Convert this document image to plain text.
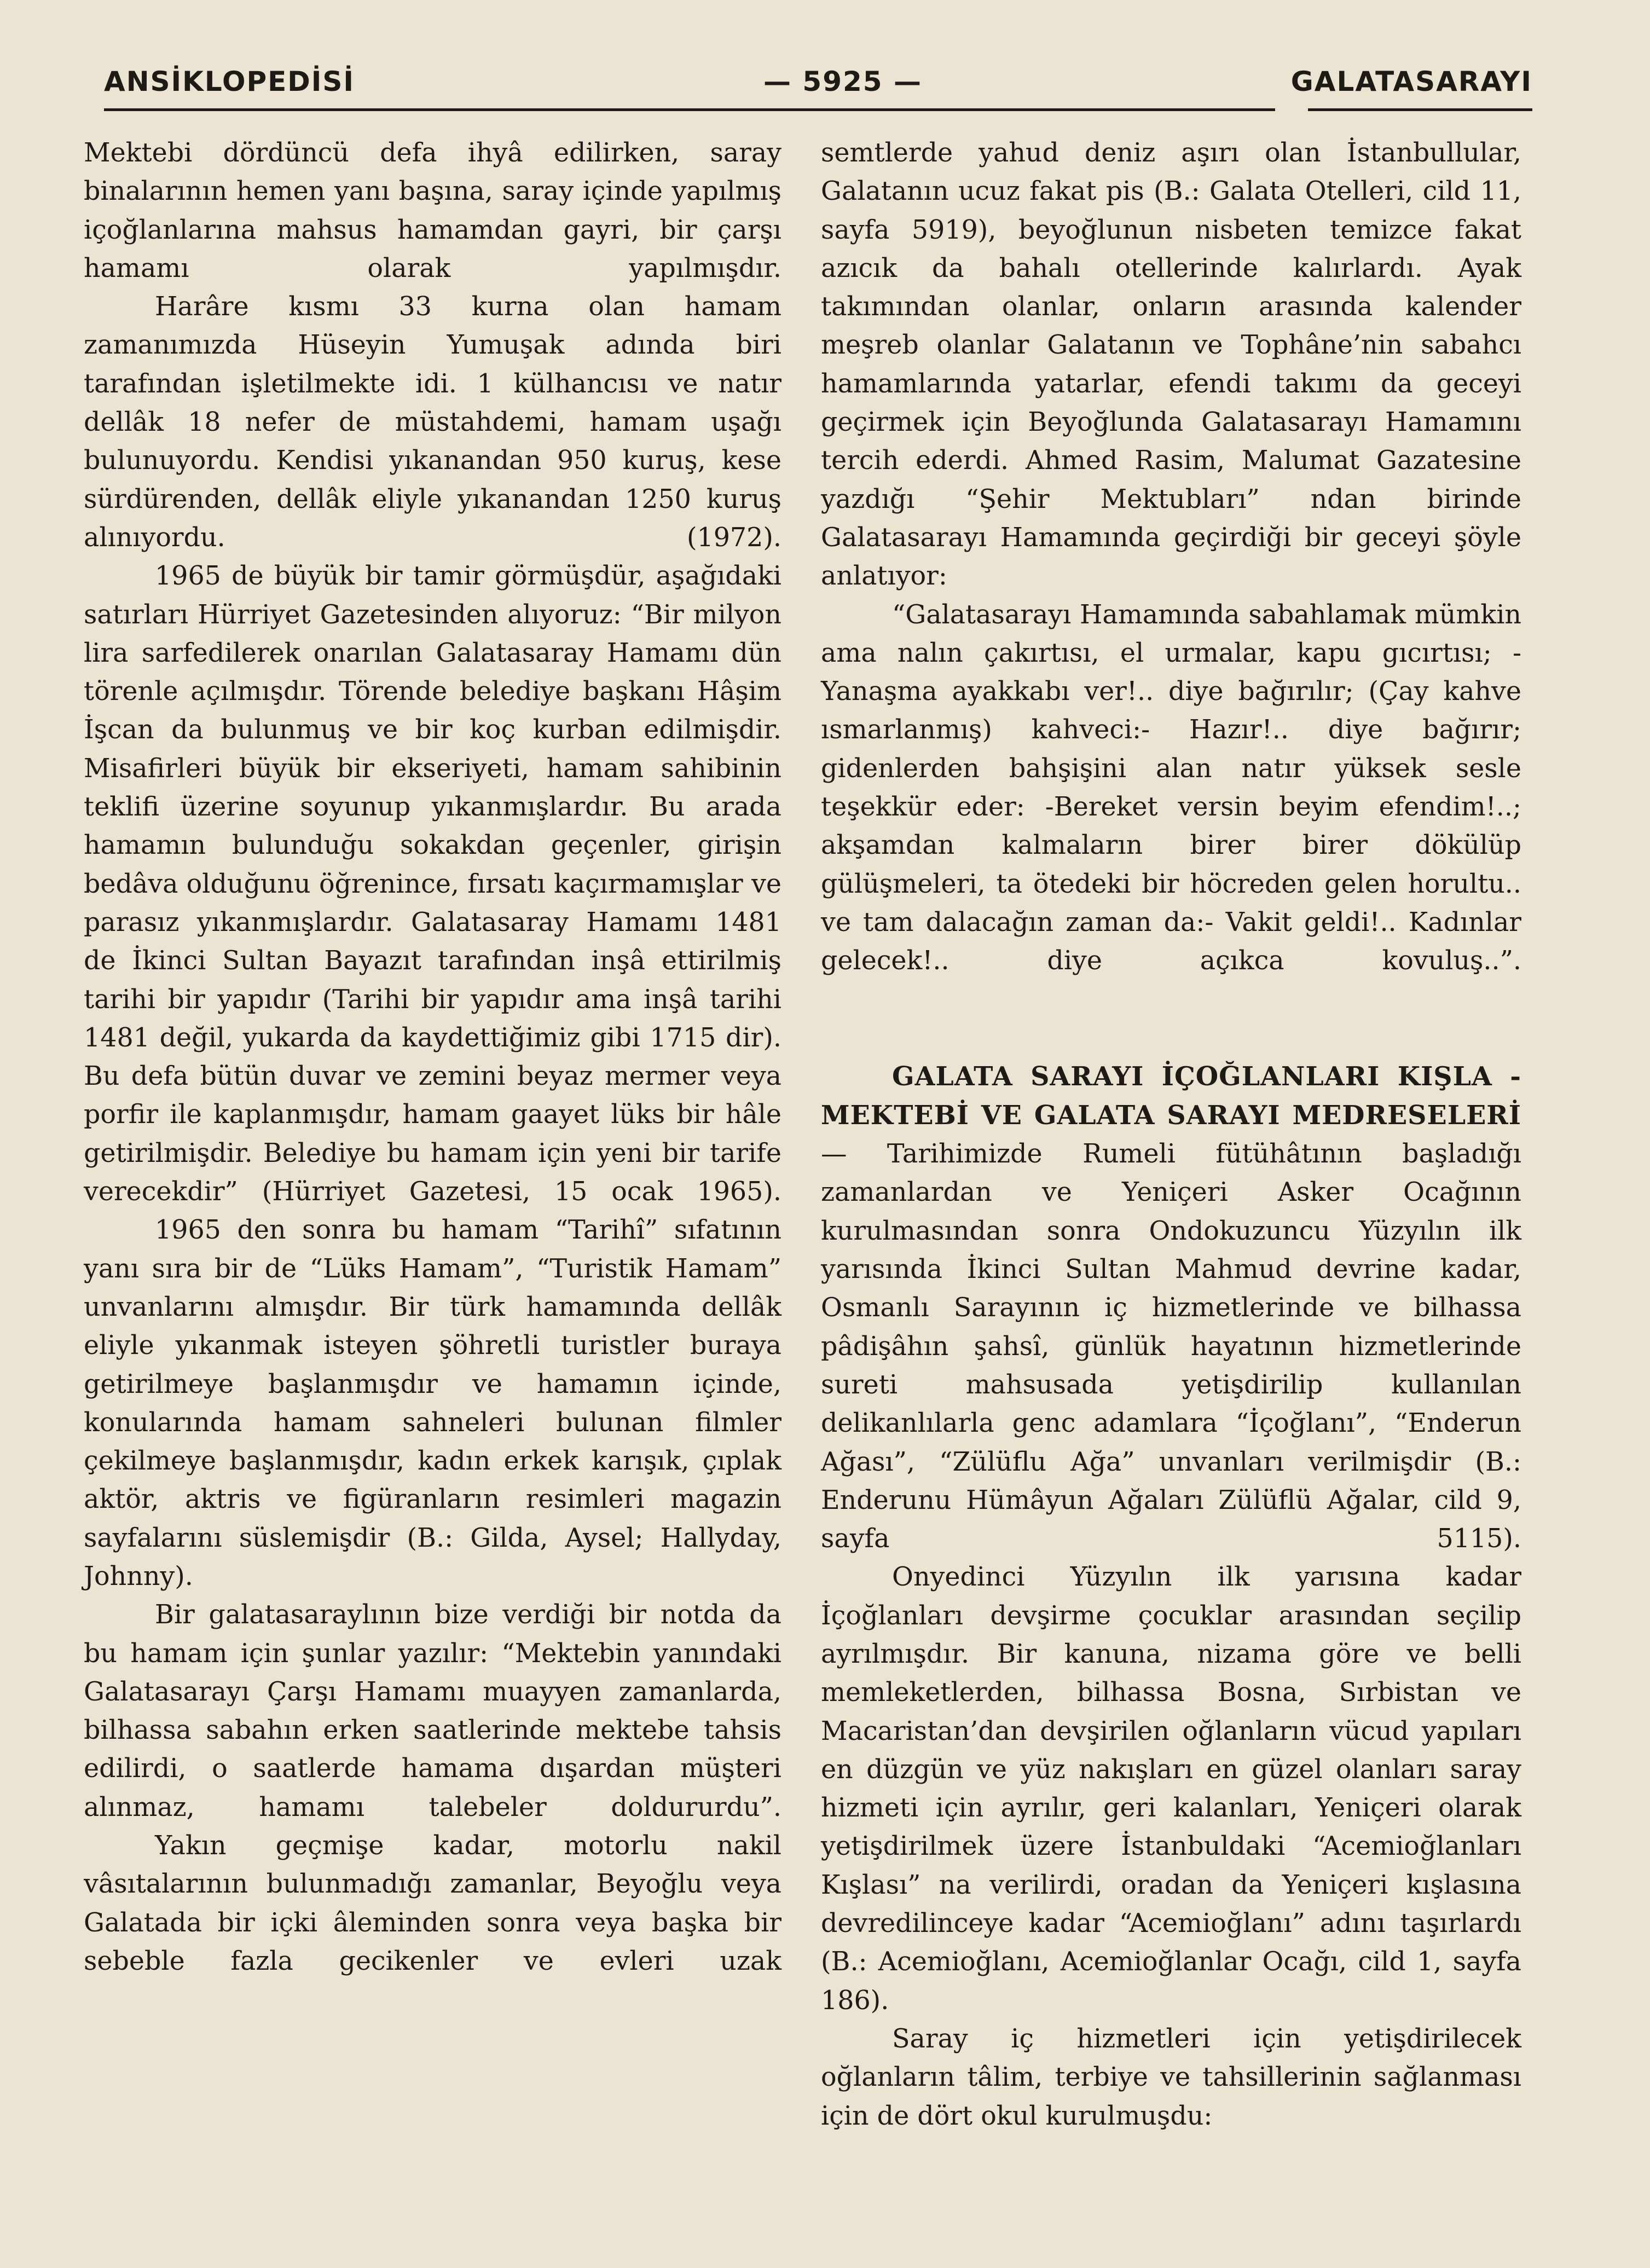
ANSİKLOPEDİSİ	— 5925 —	GALATASARAYI

Mektebi dördüncü defa ihyâ edilirken, saray binalarının hemen yanı başına, saray içinde yapılmış içoğlanlarına mahsus hamamdan gayri, bir çarşı hamamı olarak yapılmışdır.

Harâre kısmı 33 kurna olan hamam zamanımızda Hüseyin Yumuşak adında biri tarafından işletilmekte idi. 1 külhancısı ve natır dellâk 18 nefer de müstahdemi, hamam uşağı bulunuyordu. Kendisi yıkanandan 950 kuruş, kese sürdürenden, dellâk eliyle yıkanandan 1250 kuruş alınıyordu. (1972).

1965 de büyük bir tamir görmüşdür, aşağıdaki satırları Hürriyet Gazetesinden alıyoruz: “Bir milyon lira sarfedilerek onarılan Galatasaray Hamamı dün törenle açılmışdır. Törende belediye başkanı Hâşim İşcan da bulunmuş ve bir koç kurban edilmişdir. Misafirleri büyük bir ekseriyeti, hamam sahibinin teklifi üzerine soyunup yıkanmışlardır. Bu arada hamamın bulunduğu sokakdan geçenler, girişin bedâva olduğunu öğrenince, fırsatı kaçırmamışlar ve parasız yıkanmışlardır. Galatasaray Hamamı 1481 de İkinci Sultan Bayazıt tarafından inşâ ettirilmiş tarihi bir yapıdır (Tarihi bir yapıdır ama inşâ tarihi 1481 değil, yukarda da kaydettiğimiz gibi 1715 dir). Bu defa bütün duvar ve zemini beyaz mermer veya porfir ile kaplanmışdır, hamam gaayet lüks bir hâle getirilmişdir. Belediye bu hamam için yeni bir tarife verecekdir” (Hürriyet Gazetesi, 15 ocak 1965).

1965 den sonra bu hamam “Tarihî” sıfatının yanı sıra bir de “Lüks Hamam”, “Turistik Hamam” unvanlarını almışdır. Bir türk hamamında dellâk eliyle yıkanmak isteyen şöhretli turistler buraya getirilmeye başlanmışdır ve hamamın içinde, konularında hamam sahneleri bulunan filmler çekilmeye başlanmışdır, kadın erkek karışık, çıplak aktör, aktris ve figüranların resimleri magazin sayfalarını süslemişdir (B.: Gilda, Aysel; Hallyday, Johnny).

Bir galatasaraylının bize verdiği bir notda da bu hamam için şunlar yazılır: “Mektebin yanındaki Galatasarayı Çarşı Hamamı muayyen zamanlarda, bilhassa sabahın erken saatlerinde mektebe tahsis edilirdi, o saatlerde hamama dışardan müşteri alınmaz, hamamı talebeler doldururdu”.

Yakın geçmişe kadar, motorlu nakil vâsıtalarının bulunmadığı zamanlar, Beyoğlu veya Galatada bir içki âleminden sonra veya başka bir sebeble fazla gecikenler ve evleri uzak

semtlerde yahud deniz aşırı olan İstanbullular, Galatanın ucuz fakat pis (B.: Galata Otelleri, cild 11, sayfa 5919), beyoğlunun nisbeten temizce fakat azıcık da bahalı otellerinde kalırlardı. Ayak takımından olanlar, onların arasında kalender meşreb olanlar Galatanın ve Tophâne’nin sabahcı hamamlarında yatarlar, efendi takımı da geceyi geçirmek için Beyoğlunda Galatasarayı Hamamını tercih ederdi. Ahmed Rasim, Malumat Gazatesine yazdığı “Şehir Mektubları” ndan birinde Galatasarayı Hamamında geçirdiği bir geceyi şöyle anlatıyor:

“Galatasarayı Hamamında sabahlamak mümkin ama nalın çakırtısı, el urmalar, kapu gıcırtısı; -Yanaşma ayakkabı ver!.. diye bağırılır; (Çay kahve ısmarlanmış) kahveci:- Hazır!.. diye bağırır; gidenlerden bahşişini alan natır yüksek sesle teşekkür eder: -Bereket versin beyim efendim!..; akşamdan kalmaların birer birer dökülüp gülüşmeleri, ta ötedeki bir höcreden gelen horultu.. ve tam dalacağın zaman da:- Vakit geldi!.. Kadınlar gelecek!.. diye açıkca kovuluş..”.

GALATA SARAYI İÇOĞLANLARI KIŞLA - MEKTEBİ VE GALATA SARAYI MEDRESELERİ — Tarihimizde Rumeli fütühâtının başladığı zamanlardan ve Yeniçeri Asker Ocağının kurulmasından sonra Ondokuzuncu Yüzyılın ilk yarısında İkinci Sultan Mahmud devrine kadar, Osmanlı Sarayının iç hizmetlerinde ve bilhassa pâdişâhın şahsî, günlük hayatının hizmetlerinde sureti mahsusada yetişdirilip kullanılan delikanlılarla genc adamlara “İçoğlanı”, “Enderun Ağası”, “Zülüflu Ağa” unvanları verilmişdir (B.: Enderunu Hümâyun Ağaları Zülüflü Ağalar, cild 9, sayfa 5115).

Onyedinci Yüzyılın ilk yarısına kadar İçoğlanları devşirme çocuklar arasından seçilip ayrılmışdır. Bir kanuna, nizama göre ve belli memleketlerden, bilhassa Bosna, Sırbistan ve Macaristan’dan devşirilen oğlanların vücud yapıları en düzgün ve yüz nakışları en güzel olanları saray hizmeti için ayrılır, geri kalanları, Yeniçeri olarak yetişdirilmek üzere İstanbuldaki “Acemioğlanları Kışlası” na verilirdi, oradan da Yeniçeri kışlasına devredilinceye kadar “Acemioğlanı” adını taşırlardı (B.: Acemioğlanı, Acemioğlanlar Ocağı, cild 1, sayfa 186).

Saray iç hizmetleri için yetişdirilecek oğlanların tâlim, terbiye ve tahsillerinin sağlanması için de dört okul kurulmuşdu:
